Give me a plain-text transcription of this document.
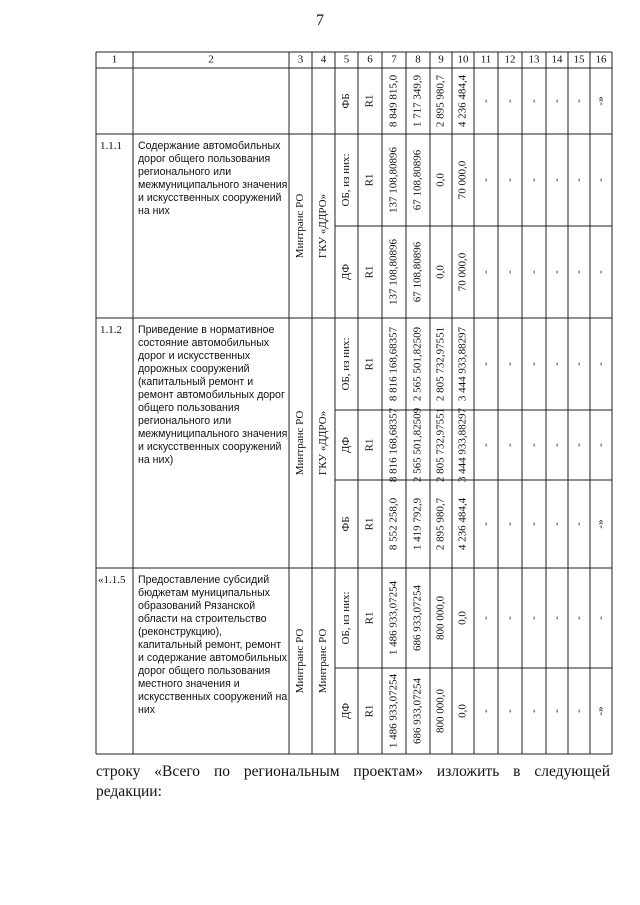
7
1	2	3 4 5 6 7 8 9 10 11 12 13 14 15 16
ФБ R1 8 849 815,0 1 717 349,9 2 895 980,7 4 236 484,4 - - - - - -»
Минтранс РО ГКУ «ДДРО»
ОБ, из них: R1 137 108,80896 67 108,80896 0,0 70 000,0 - - - - - -
ДФ R1 137 108,80896 67 108,80896 0,0 70 000,0 - - - - - -
Минтранс РО ГКУ «ДДРО»
ОБ, из них: R1 8 816 168,68357 2 565 501,82509 2 805 732,97551 3 444 933,88297 - - - - - -
ДФ R1 8 816 168,68357 2 565 501,82509 2 805 732,97551 3 444 933,88297 - - - - - -
ФБ R1 8 552 258,0 1 419 792,9 2 895 980,7 4 236 484,4 - - - - - -»
Минтранс РО Минтранс РО
ОБ, из них: R1 1 486 933,07254 686 933,07254 800 000,0 0,0 - - - - - -
ДФ R1 1 486 933,07254 686 933,07254 800 000,0 0,0 - - - - - -»
1.1.1 Содержание автомобильных дорог общего пользования регионального или межмуниципального значения и искусственных сооружений на них
1.1.2 Приведение в нормативное состояние автомобильных дорог и искусственных дорожных сооружений (капитальный ремонт и ремонт автомобильных дорог общего пользования регионального или межмуниципального значения и искусственных сооружений на них)
«1.1.5 Предоставление субсидий бюджетам муниципальных образований Рязанской области на строительство (реконструкцию), капитальный ремонт, ремонт и содержание автомобильных дорог общего пользования местного значения и искусственных сооружений на них
строку «Всего по региональным проектам» изложить в следующей
редакции:
